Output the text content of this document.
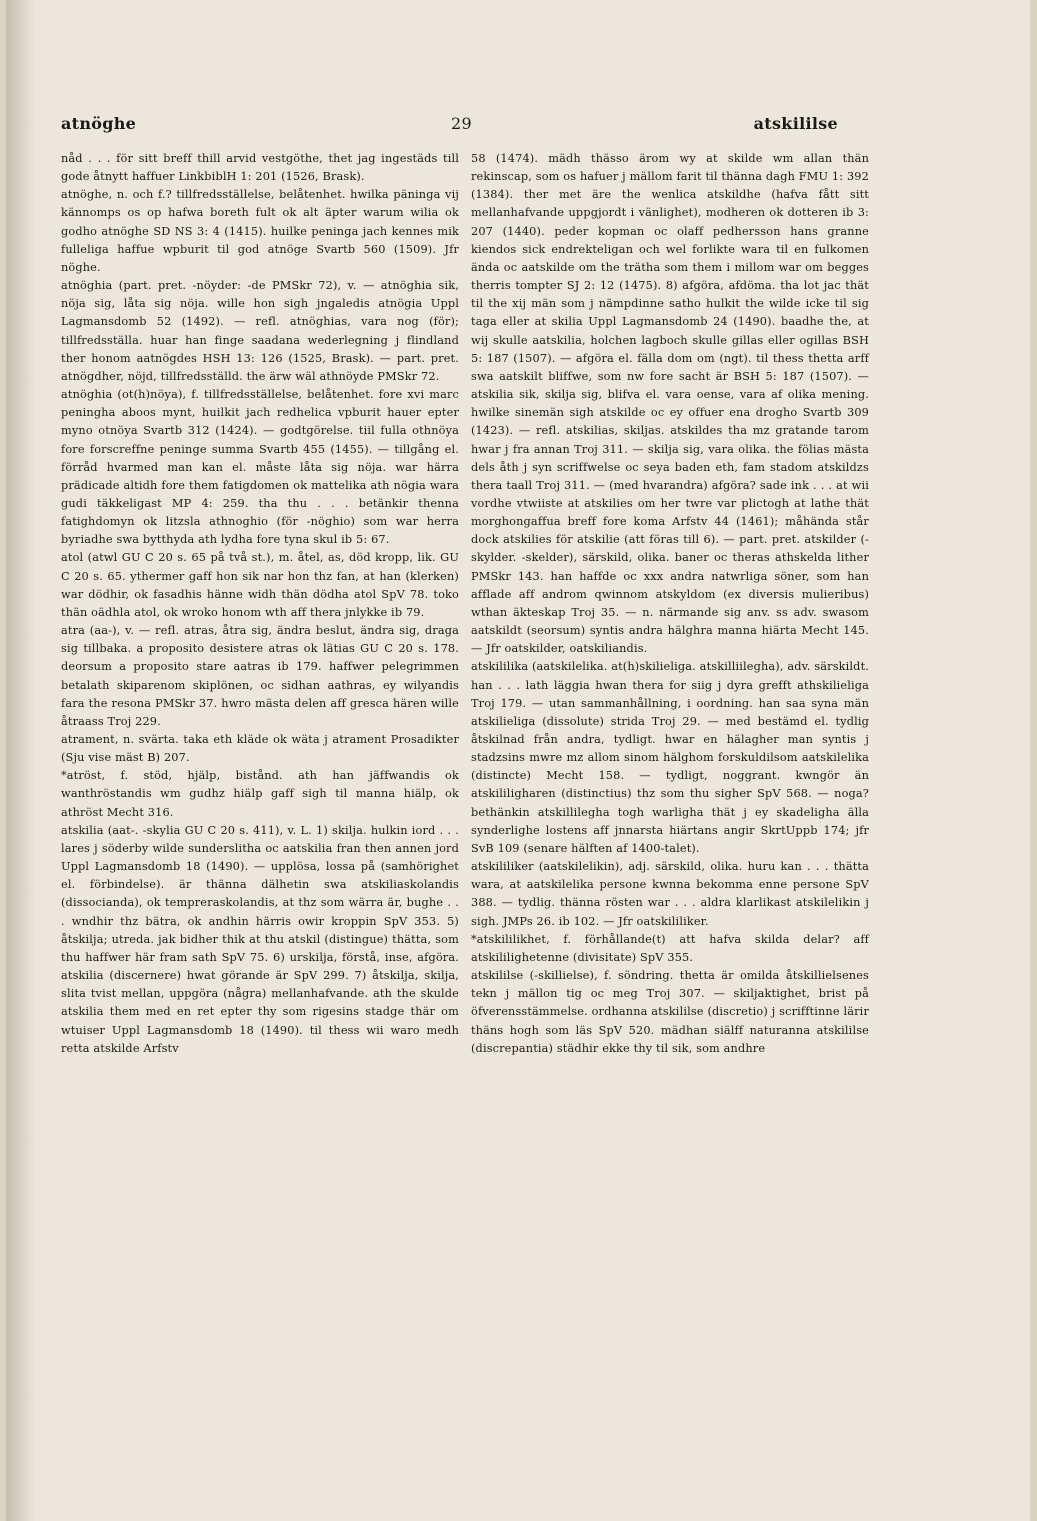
atnöghe	29	atskililse

nåd . . . för sitt breff thill arvid vestgöthe, thet jag ingestäds till gode åtnytt haffuer LinkbiblH 1: 201 (1526, Brask).

atnöghe, n. och f.? tillfredsställelse, belåtenhet. hwilka päninga vij kännomps os op hafwa boreth fult ok alt äpter warum wilia ok godho atnöghe SD NS 3: 4 (1415). huilke peninga jach kennes mik fulleliga haffue wpburit til god atnöge Svartb 560 (1509). Jfr nöghe.

atnöghia (part. pret. -nöyder: -de PMSkr 72), v. — atnöghia sik, nöja sig, låta sig nöja. wille hon sigh jngaledis atnögia Uppl Lagmansdomb 52 (1492). — refl. atnöghias, vara nog (för); tillfredsställa. huar han finge saadana wederlegning j flindland ther honom aatnögdes HSH 13: 126 (1525, Brask). — part. pret. atnögdher, nöjd, tillfredsställd. the ärw wäl athnöyde PMSkr 72.

atnöghia (ot(h)nöya), f. tillfredsställelse, belåtenhet. fore xvi marc peningha aboos mynt, huilkit jach redhelica vpburit hauer epter myno otnöya Svartb 312 (1424). — godtgörelse. tiil fulla othnöya fore forscreffne peninge summa Svartb 455 (1455). — tillgång el. förråd hvarmed man kan el. måste låta sig nöja. war härra prädicade altidh fore them fatigdomen ok mattelika ath nögia wara gudi täkkeligast MP 4: 259. tha thu . . . betänkir thenna fatighdomyn ok litzsla athnoghio (för -nöghio) som war herra byriadhe swa bytthyda ath lydha fore tyna skul ib 5: 67.

atol (atwl GU C 20 s. 65 på två st.), m. åtel, as, död kropp, lik. GU C 20 s. 65. ythermer gaff hon sik nar hon thz fan, at han (klerken) war dödhir, ok fasadhis hänne widh thän dödha atol SpV 78. toko thän oädhla atol, ok wroko honom wth aff thera jnlykke ib 79.

atra (aa-), v. — refl. atras, åtra sig, ändra beslut, ändra sig, draga sig tillbaka. a proposito desistere atras ok lätias GU C 20 s. 178. deorsum a proposito stare aatras ib 179. haffwer pelegrimmen betalath skiparenom skiplönen, oc sidhan aathras, ey wilyandis fara the resona PMSkr 37. hwro mästa delen aff gresca hären wille åtraass Troj 229.

atrament, n. svärta. taka eth kläde ok wäta j atrament Prosadikter (Sju vise mäst B) 207.

*atröst, f. stöd, hjälp, bistånd. ath han jäffwandis ok wanthröstandis wm gudhz hiälp gaff sigh til manna hiälp, ok athröst Mecht 316.

atskilia (aat-. -skylia GU C 20 s. 411), v. L. 1) skilja. hulkin iord . . . lares j söderby wilde sunderslitha oc aatskilia fran then annen jord Uppl Lagmansdomb 18 (1490). — upplösa, lossa på (samhörighet el. förbindelse). är thänna dälhetin swa atskiliaskolandis (dissocianda), ok tempreraskolandis, at thz som wärra är, bughe . . . wndhir thz bätra, ok andhin härris owir kroppin SpV 353. 5) åtskilja; utreda. jak bidher thik at thu atskil (distingue) thätta, som thu haffwer här fram sath SpV 75. 6) urskilja, förstå, inse, afgöra. atskilia (discernere) hwat görande är SpV 299. 7) åtskilja, skilja, slita tvist mellan, uppgöra (några) mellanhafvande. ath the skulde atskilia them med en ret epter thy som rigesins stadge thär om wtuiser Uppl Lagmansdomb 18 (1490). til thess wii waro medh retta atskilde Arfstv

58 (1474). mädh thässo ärom wy at skilde wm allan thän rekinscap, som os hafuer j mällom farit til thänna dagh FMU 1: 392 (1384). ther met äre the wenlica atskildhe (hafva fått sitt mellanhafvande uppgjordt i vänlighet), modheren ok dotteren ib 3: 207 (1440). peder kopman oc olaff pedhersson hans granne kiendos sick endrekteligan och wel forlikte wara til en fulkomen ända oc aatskilde om the trätha som them i millom war om begges therris tompter SJ 2: 12 (1475). 8) afgöra, afdöma. tha lot jac thät til the xij män som j nämpdinne satho hulkit the wilde icke til sig taga eller at skilia Uppl Lagmansdomb 24 (1490). baadhe the, at wij skulle aatskilia, holchen lagboch skulle gillas eller ogillas BSH 5: 187 (1507). — afgöra el. fälla dom om (ngt). til thess thetta arff swa aatskilt bliffwe, som nw fore sacht är BSH 5: 187 (1507). — atskilia sik, skilja sig, blifva el. vara oense, vara af olika mening. hwilke sinemän sigh atskilde oc ey offuer ena drogho Svartb 309 (1423). — refl. atskilias, skiljas. atskildes tha mz gratande tarom hwar j fra annan Troj 311. — skilja sig, vara olika. the fölias mästa dels åth j syn scriffwelse oc seya baden eth, fam stadom atskildzs thera taall Troj 311. — (med hvarandra) afgöra? sade ink . . . at wii vordhe vtwiiste at atskilies om her twre var plictogh at lathe thät morghongaffua breff fore koma Arfstv 44 (1461); måhända står dock atskilies för atskilie (att föras till 6). — part. pret. atskilder (-skylder. -skelder), särskild, olika. baner oc theras athskelda lither PMSkr 143. han haffde oc xxx andra natwrliga söner, som han afflade aff androm qwinnom atskyldom (ex diversis mulieribus) wthan äkteskap Troj 35. — n. närmande sig anv. ss adv. swasom aatskildt (seorsum) syntis andra hälghra manna hiärta Mecht 145. — Jfr oatskilder, oatskiliandis.

atskililika (aatskilelika. at(h)skilieliga. atskilliilegha), adv. särskildt. han . . . lath läggia hwan thera for siig j dyra grefft athskilieliga Troj 179. — utan sammanhållning, i oordning. han saa syna män atskilieliga (dissolute) strida Troj 29. — med bestämd el. tydlig åtskilnad från andra, tydligt. hwar en hälagher man syntis j stadzsins mwre mz allom sinom hälghom forskuldilsom aatskilelika (distincte) Mecht 158. — tydligt, noggrant. kwngör än atskililigharen (distinctius) thz som thu sigher SpV 568. — noga? bethänkin atskillilegha togh warligha thät j ey skadeligha älla synderlighe lostens aff jnnarsta hiärtans angir SkrtUppb 174; jfr SvB 109 (senare hälften af 1400-talet).

atskililiker (aatskilelikin), adj. särskild, olika. huru kan . . . thätta wara, at aatskilelika persone kwnna bekomma enne persone SpV 388. — tydlig. thänna rösten war . . . aldra klarlikast atskilelikin j sigh. JMPs 26. ib 102. — Jfr oatskililiker.

*atskililikhet, f. förhållande(t) att hafva skilda delar? aff atskililighetenne (divisitate) SpV 355.

atskililse (-skillielse), f. söndring. thetta är omilda åtskillielsenes tekn j mällon tig oc meg Troj 307. — skiljaktighet, brist på öfverensstämmelse. ordhanna atskililse (discretio) j scrifftinne lärir thäns hogh som läs SpV 520. mädhan siälff naturanna atskililse (discrepantia) städhir ekke thy til sik, som andhre
